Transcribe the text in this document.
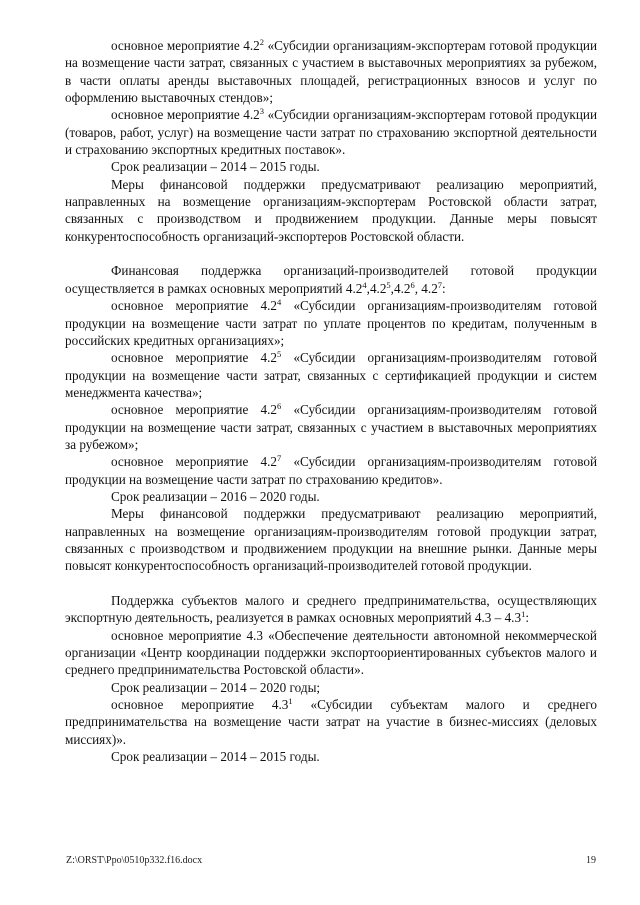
основное мероприятие $4.2^2$ «Субсидии организациям-экспортерам готовой продукции на возмещение части затрат, связанных с участием в выставочных мероприятиях за рубежом, в части оплаты аренды выставочных площадей, регистрационных взносов и услуг по оформлению выставочных стендов»;

основное мероприятие $4.2^3$ «Субсидии организациям-экспортерам готовой продукции (товаров, работ, услуг) на возмещение части затрат по страхованию экспортной деятельности и страхованию экспортных кредитных поставок».

Срок реализации – 2014 – 2015 годы.

Меры финансовой поддержки предусматривают реализацию мероприятий, направленных на возмещение организациям-экспортерам Ростовской области затрат, связанных с производством и продвижением продукции. Данные меры повысят конкурентоспособность организаций-экспортеров Ростовской области.

Финансовая поддержка организаций-производителей готовой продукции осуществляется в рамках основных мероприятий $4.2^4,4.2^5,4.2^6$, $4.2^7$:

основное мероприятие $4.2^4$ «Субсидии организациям-производителям готовой продукции на возмещение части затрат по уплате процентов по кредитам, полученным в российских кредитных организациях»;

основное мероприятие $4.2^5$ «Субсидии организациям-производителям готовой продукции на возмещение части затрат, связанных с сертификацией продукции и систем менеджмента качества»;

основное мероприятие $4.2^6$ «Субсидии организациям-производителям готовой продукции на возмещение части затрат, связанных с участием в выставочных мероприятиях за рубежом»;

основное мероприятие $4.2^7$ «Субсидии организациям-производителям готовой продукции на возмещение части затрат по страхованию кредитов».

Срок реализации – 2016 – 2020 годы.

Меры финансовой поддержки предусматривают реализацию мероприятий, направленных на возмещение организациям-производителям готовой продукции затрат, связанных с производством и продвижением продукции на внешние рынки. Данные меры повысят конкурентоспособность организаций-производителей готовой продукции.

Поддержка субъектов малого и среднего предпринимательства, осуществляющих экспортную деятельность, реализуется в рамках основных мероприятий $4.3 - 4.3^1$:

основное мероприятие 4.3 «Обеспечение деятельности автономной некоммерческой организации «Центр координации поддержки экспортоориентированных субъектов малого и среднего предпринимательства Ростовской области».

Срок реализации – 2014 – 2020 годы;

основное мероприятие $4.3^1$ «Субсидии субъектам малого и среднего предпринимательства на возмещение части затрат на участие в бизнес-миссиях (деловых миссиях)».

Срок реализации – 2014 – 2015 годы.

Z:\ORST\Ppo\0510p332.f16.docx	19
